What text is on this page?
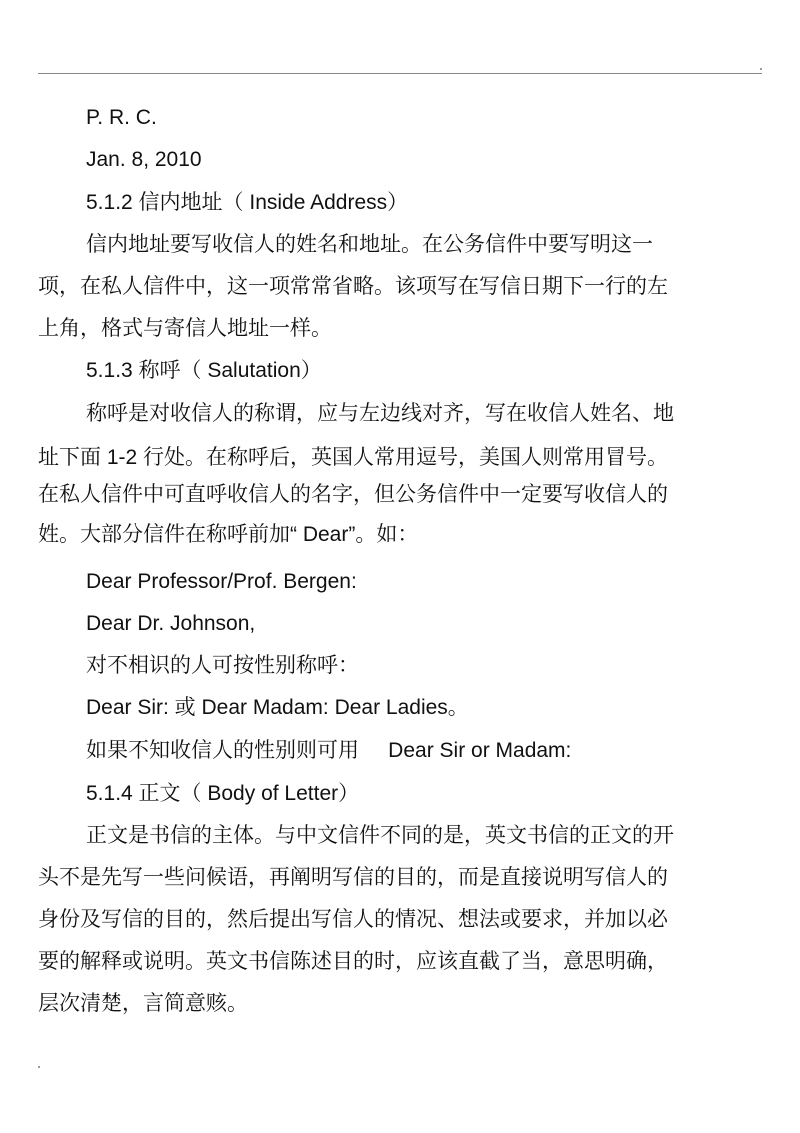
P. R. C.
Jan. 8, 2010
5.1.2 信内地址（ Inside Address）
信内地址要写收信人的姓名和地址。在公务信件中要写明这一
项，在私人信件中，这一项常常省略。该项写在写信日期下一行的左
上角，格式与寄信人地址一样。
5.1.3 称呼（ Salutation）
称呼是对收信人的称谓，应与左边线对齐，写在收信人姓名、地
址下面 1-2 行处。在称呼后，英国人常用逗号，美国人则常用冒号。
在私人信件中可直呼收信人的名字，但公务信件中一定要写收信人的
姓。大部分信件在称呼前加“ Dear”。如：
Dear Professor/Prof. Bergen:
Dear Dr. Johnson,
对不相识的人可按性别称呼：
Dear Sir: 或 Dear Madam: Dear Ladies。
如果不知收信人的性别则可用     Dear Sir or Madam:
5.1.4 正文（ Body of Letter）
正文是书信的主体。与中文信件不同的是，英文书信的正文的开
头不是先写一些问候语，再阐明写信的目的，而是直接说明写信人的
身份及写信的目的，然后提出写信人的情况、想法或要求，并加以必
要的解释或说明。英文书信陈述目的时，应该直截了当，意思明确，
层次清楚，言简意赅。
